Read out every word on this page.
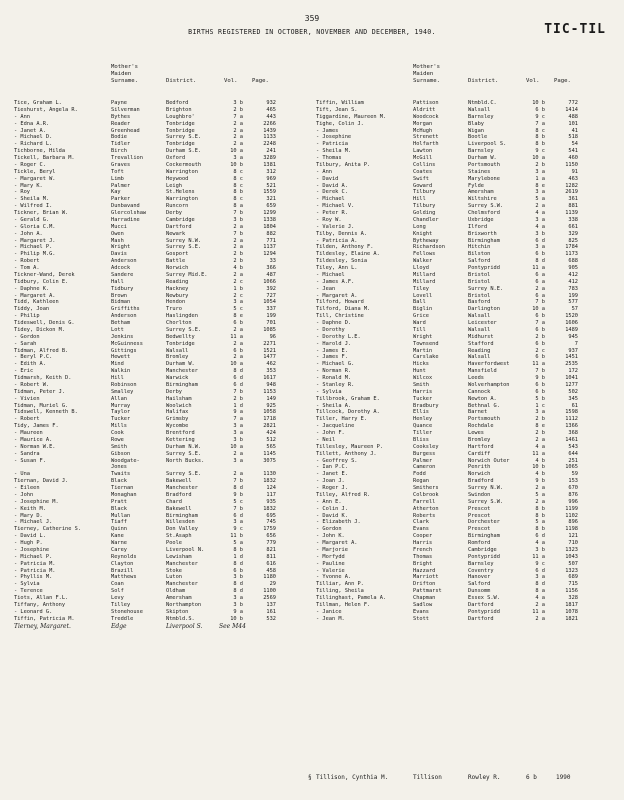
359
BIRTHS REGISTERED IN OCTOBER, NOVEMBER AND DECEMBER, 1940.	TIC-TIL
Mother's
Maiden
Surname.	District.	Vol.	Page.
Tice, Graham L.	Payne	Bedford	3 b	932
Tieshurst, Angela R.	Silverman	Brighton	2 b	465
- Ann	Bythes	Loughbro'	7 a	443
- Edna A.R.	Reader	Tonbridge	2 a	2266
- Janet A.	Greenhead	Tonbridge	2 a	1439
- Michael D.	Bodie	Surrey S.E.	2 a	1133
- Richard L.	Tidler	Tonbridge	2 a	2248
Tichborne, Hilda	Birch	Durham S.E.	10 a	241
Tickell, Barbara M.	Trevallion	Oxford	3 a	3289
- Roger C.	Graves	Cockermouth	10 b	1381
Tickle, Beryl	Toft	Warrington	8 c	312
- Margaret W.	Limb	Heywood	8 c	969
- Mary K.	Palmer	Leigh	8 c	521
- Roy	Kay	St.Helens	8 b	1559
- Sheila M.	Parker	Warrington	8 c	321
- Wilfred I.	Dunbavand	Runcorn	8 a	659
Tickner, Brian W.	Glercolshaw	Derby	7 b	1299
- Gerald G.	Harradine	Cambridge	3 b	1338
- Gloria C.M.	Mucci	Dartford	2 a	1804
- John A.	Owen	Newark	7 b	882
- Margaret J.	Mash	Surrey N.W.	2 a	771
- Michael P.	Wright	Surrey S.E.	2 a	1137
- Philip M.G.	Davis	Gosport	2 b	1294
- Robert	Anderson	Battle	2 b	33
- Tom A.	Adcock	Norwich	4 b	366
Tickner-Wand, Derek	Sandere	Surrey Mid.E.	2 a	487
Tidbury, Colin E.	Hall	Reading	2 c	1066
- Daphne K.	Tidbury	Hackney	1 b	392
- Margaret A.	Brown	Newbury	2 c	727
Tidd, Kathleen	Bidman	Hendon	3 a	1054
Tiddy, Joan	Griffiths	Truro	5 c	337
- Philip	Anderson	Haslingden	8 e	199
Tideswell, Denis G.	Betham	Chorlton	6 b	701
Tidey, Dickon M.	Lott	Surrey S.E.	2 a	1085
- Gordon	Jenkins	Bedwellty	11 a	96
- Sarah	McGuinness	Tonbridge	2 a	2271
Tidman, Alfred B.	Gittings	Walsall	6 b	1521
- Beryl P.C.	Hewett	Bromley	2 a	1477
- Edith A.	Mind	Durham W.	10 a	462
- Eric	Walkin	Manchester	8 d	353
Tidmarsh, Keith D.	Hill	Warwick	6 d	1617
- Robert W.	Robinson	Birmingham	6 d	948
Tidman, Peter J.	Smalley	Derby	7 b	1153
- Vivien	Allan	Hailsham	2 b	149
Tidman, Muriel G.	Murray	Woolwich	1 d	925
Tidswell, Kenneth B.	Taylor	Halifax	9 a	1058
- Robert	Tucker	Grimsby	7 a	1718
Tidy, James F.	Mills	Wycombe	3 a	2821
- Maureen	Cook	Brentford	3 a	424
- Maurice A.	Rowe	Kettering	3 b	512
- Norman W.E.	Smith	Durham N.W.	10 a	565
- Sandra	Gibson	Surrey S.E.	2 a	1145
- Susan F.	Woodgate-	North Bucks.	3 a	3075
Jones
- Una	Twaits	Surrey S.E.	2 a	1130
Tiernan, David J.	Black	Bakewell	7 b	1832
- Eileen	Tiernan	Manchester	8 d	124
- John	Monaghan	Bradford	9 b	117
- Josephine M.	Pratt	Chard	5 c	935
- Keith M.	Black	Bakewell	7 b	1832
- Mary D.	Mullan	Birmingham	6 d	695
- Michael J.	Tiaff	Willesden	3 a	745
Tierney, Catherine S.	Quinn	Don Valley	9 c	1759
- David L.	Kane	St.Asaph	11 b	656
- Hugh P.	Warne	Poole	5 a	779
- Josephine	Carey	Liverpool N.	8 b	821
- Michael P.	Reynolds	Lewisham	1 d	811
- Patricia M.	Clayton	Manchester	8 d	616
- Patricia M.	Brazill	Stoke	6 b	458
- Phyllis M.	Matthews	Luton	3 b	1180
- Sylvia	Coan	Manchester	8 d	29
- Terence	Solf	Oldham	8 d	1100
Tiots, Allan F.L.	Levy	Amersham	3 a	2569
Tiffany, Anthony	Tilley	Northampton	3 b	137
- Leonard G.	Stonehouse	Skipton	9 a	161
Tiffin, Patricia M.	Treddle	Ntmbld.S.	10 b	532
Tierney, Margaret.	Edge	Liverpool S.	See M44
Mother's
Maiden
Surname.	District.	Vol.	Page.
Tiffin, William	Pattison	Ntmbld.C.	10 b	772
Tift, Jean S.	Aldritt	Walsall	6 b	1414
Tiggardine, Maureen M.	Woodcock	Barnsley	9 c	488
Tighe, Colin J.	Morgan	Blaby	7 a	101
- James	McHugh	Wigan	8 c	41
- Josephine	Strenett	Bootle	8 b	518
- Patricia	Holfarth	Liverpool S.	8 b	54
- Sheila M.	Lawton	Barnsley	9 c	541
- Thomas	McGill	Durham W.	10 a	460
Tilbury, Anita P.	Collins	Portsmouth	2 b	1150
- Ann	Coates	Staines	3 a	91
- David	Swift	Marylebone	1 a	463
- David A.	Goward	Fylde	8 e	1282
- Derek C.	Tilbury	Amersham	3 a	2619
- Michael	Hill	Wiltshire	5 a	361
- Michael V.	Tilbury	Surrey S.W.	2 a	881
- Peter R.	Golding	Chelmsford	4 a	1139
- Roy W.	Chandler	Uxbridge	3 a	338
- Valerie J.	Long	Ilford	4 a	661
Tilby, Dennis A.	Knight	Brixworth	3 b	329
- Patricia A.	Bytheway	Birmingham	6 d	825
Tilden, Anthony F.	Richardson	Hitchin	3 a	1784
Tildesley, Elaine A.	Fellows	Bilston	6 b	1173
Tildesley, Sonia	Walker	Salford	8 d	688
Tiley, Ann L.	Lloyd	Pontypridd	11 a	905
- Michael	Millard	Bristol	6 a	412
- James A.F.	Millard	Bristol	6 a	412
- Jean	Tiley	Surrey N.E.	2 a	783
- Margaret A.	Lovell	Bristol	6 a	199
Tilford, Howard	Ball	Basford	7 b	577
Tilford, Diana M.	Biglin	Darlington	10 a	57
Till, Christine	Grice	Walsall	6 b	1520
- Daphne D.	Ward	Leicester	7 a	1606
- Dorothy	Till	Walsall	6 b	1489
- Dorothy L.E.	Wright	Midhurst	2 b	945
- Harold J.	Townsend	Stafford	6 b	7
- James E.	Martin	Reading	2 c	937
- James F.	Carslake	Walsall	6 b	1451
- Michael G.	Hicks	Haverfordwest	11 a	2535
- Norman R.	Hunt	Mansfield	7 b	172
- Ronald M.	Wilcox	Leeds	9 b	1041
- Stanley R.	Smith	Wolverhampton	6 b	1277
- Sylvia	Harris	Cannock	6 b	502
Tillbrook, Graham E.	Tucker	Newton A.	5 b	345
- Sheila A.	Bradbury	Bethnal G.	1 c	61
Tillcock, Dorothy A.	Ellis	Barnet	3 a	1598
Tiller, Harry E.	Henley	Portsmouth	2 b	1112
- Jacqueline	Quance	Rochdale	8 e	1366
- John F.	Tiller	Lewes	2 b	368
- Neil	Bliss	Bromley	2 a	1461
Tillesley, Maureen P.	Cooksley	Hartford	4 a	543
Tillett, Anthony J.	Burgess	Cardiff	11 a	644
- Geoffrey S.	Palmer	Norwich Outer	4 b	251
- Ian P.C.	Cameron	Penrith	10 b	1065
- Janet E.	Fodd	Norwich	4 b	59
- Joan J.	Regan	Bradford	9 b	153
- Roger J.	Smithers	Surrey N.W.	2 a	670
Tilley, Alfred R.	Colbrook	Swindon	5 a	876
- Ann E.	Farrell	Surrey S.W.	2 a	996
- Colin J.	Atherton	Prescot	8 b	1199
- David K.	Roberts	Prescot	8 b	1102
- Elizabeth J.	Clark	Dorchester	5 a	896
- Gordon	Evans	Prescot	8 b	1198
- John K.	Cooper	Birmingham	6 d	121
- Margaret A.	Harris	Romford	4 a	710
- Marjorie	French	Cambridge	3 b	1323
- Morfydd	Thomas	Pontypridd	11 a	1043
- Pauline	Bright	Barnsley	9 c	507
- Valerie	Hazzard	Coventry	6 d	1323
- Yvonne A.	Marriott	Hanover	3 a	689
Tilliar, Ann P.	Drifton	Salford	8 d	715
Tilling, Sheila	Pattmarst	Dunsomm	8 a	1156
Tillinghast, Pamela A.	Chapman	Essex S.W.	4 a	328
Tillman, Helen F.	Sadlow	Dartford	2 a	1817
- Janice	Evans	Pontypridd	11 a	1078
- Jean M.	Stott	Dartford	2 a	1821
§ Tillison, Cynthia M.	Tillison	Rowley R.	6 b	1990
